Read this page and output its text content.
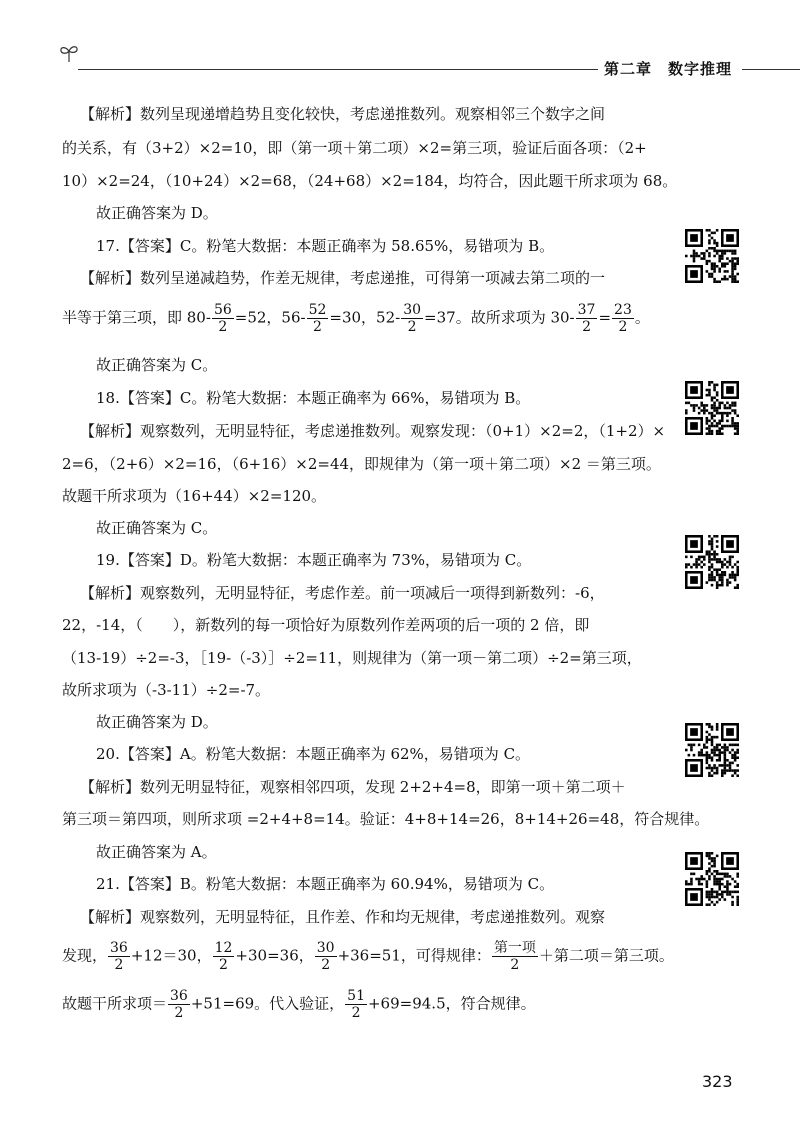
第二章　数字推理
【解析】数列呈现递增趋势且变化较快，考虑递推数列。观察相邻三个数字之间
的关系，有（3+2）×2=10，即（第一项＋第二项）×2=第三项，验证后面各项：（2+
10）×2=24，（10+24）×2=68，（24+68）×2=184，均符合，因此题干所求项为 68。
故正确答案为 D。
17.【答案】C。粉笔大数据：本题正确率为 58.65%，易错项为 B。
【解析】数列呈递减趋势，作差无规律，考虑递推，可得第一项减去第二项的一
半等于第三项，即 $80- \frac{56}{2} =52$，$56- \frac{52}{2} =30$，$52- \frac{30}{2} =37$。故所求项为 $30- \frac{37}{2} = \frac{23}{2}$ 。
故正确答案为 C。
18.【答案】C。粉笔大数据：本题正确率为 66%，易错项为 B。
【解析】观察数列，无明显特征，考虑递推数列。观察发现：（0+1）×2=2，（1+2）×
2=6，（2+6）×2=16，（6+16）×2=44，即规律为（第一项＋第二项）×2 ＝第三项。
故题干所求项为（16+44）×2=120。
故正确答案为 C。
19.【答案】D。粉笔大数据：本题正确率为 73%，易错项为 C。
【解析】观察数列，无明显特征，考虑作差。前一项减后一项得到新数列：-6，
22，-14，（　　），新数列的每一项恰好为原数列作差两项的后一项的 2 倍，即
（13-19）÷2=-3，［19-（-3）］÷2=11，则规律为（第一项－第二项）÷2=第三项，
故所求项为（-3-11）÷2=-7。
故正确答案为 D。
20.【答案】A。粉笔大数据：本题正确率为 62%，易错项为 C。
【解析】数列无明显特征，观察相邻四项，发现 2+2+4=8，即第一项＋第二项＋
第三项＝第四项，则所求项 =2+4+8=14。验证：4+8+14=26，8+14+26=48，符合规律。
故正确答案为 A。
21.【答案】B。粉笔大数据：本题正确率为 60.94%，易错项为 C。
【解析】观察数列，无明显特征，且作差、作和均无规律，考虑递推数列。观察
发现， $\frac{36}{2} +12=30$， $\frac{12}{2} +30=36$， $\frac{30}{2} +36=51$，可得规律： $\frac{\text{第一项}}{2}$ ＋第二项＝第三项。
故题干所求项＝ $\frac{36}{2} +51=69$。代入验证， $\frac{51}{2} +69=94.5$，符合规律。
323
